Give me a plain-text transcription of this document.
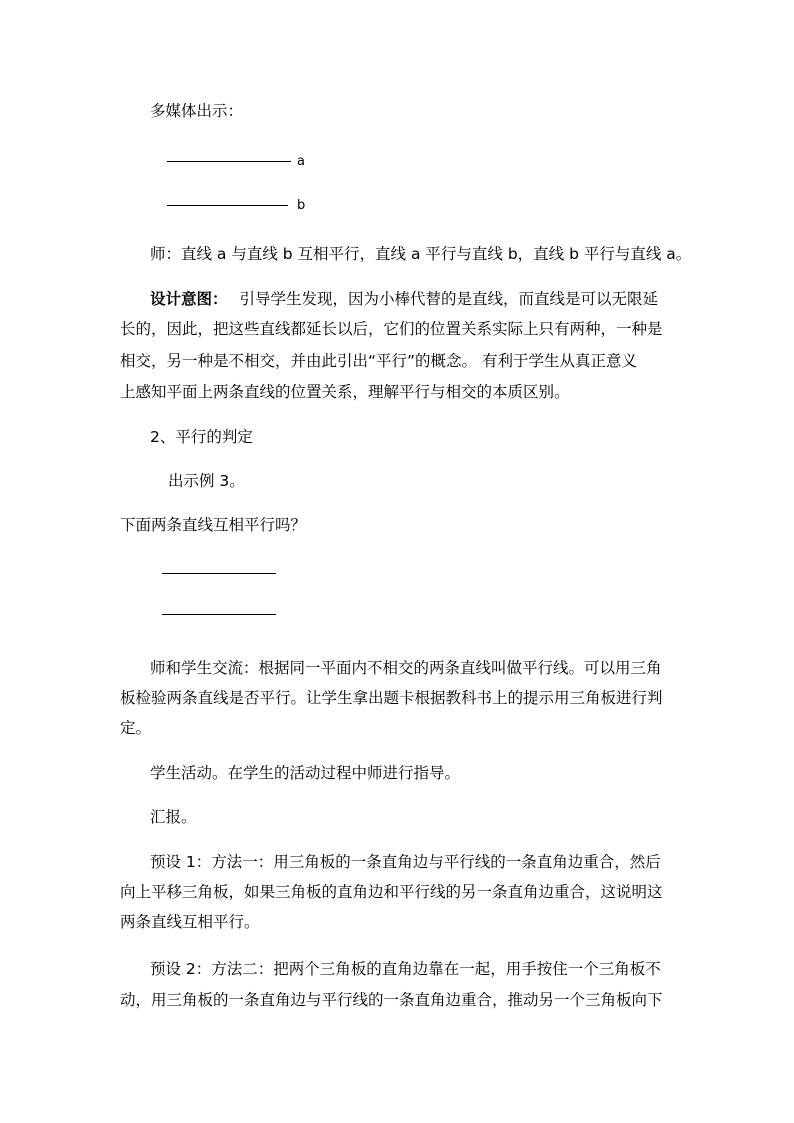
多媒体出示：
a
b
师：直线 a 与直线 b 互相平行，直线 a 平行与直线 b，直线 b 平行与直线 a。
设计意图： 引导学生发现，因为小棒代替的是直线，而直线是可以无限延
长的，因此，把这些直线都延长以后，它们的位置关系实际上只有两种，一种是
相交，另一种是不相交，并由此引出“平行”的概念。 有利于学生从真正意义
上感知平面上两条直线的位置关系，理解平行与相交的本质区别。
2、平行的判定
出示例 3。
下面两条直线互相平行吗？
师和学生交流：根据同一平面内不相交的两条直线叫做平行线。可以用三角
板检验两条直线是否平行。让学生拿出题卡根据教科书上的提示用三角板进行判
定。
学生活动。在学生的活动过程中师进行指导。
汇报。
预设 1：方法一：用三角板的一条直角边与平行线的一条直角边重合，然后
向上平移三角板，如果三角板的直角边和平行线的另一条直角边重合，这说明这
两条直线互相平行。
预设 2：方法二：把两个三角板的直角边靠在一起，用手按住一个三角板不
动，用三角板的一条直角边与平行线的一条直角边重合，推动另一个三角板向下
